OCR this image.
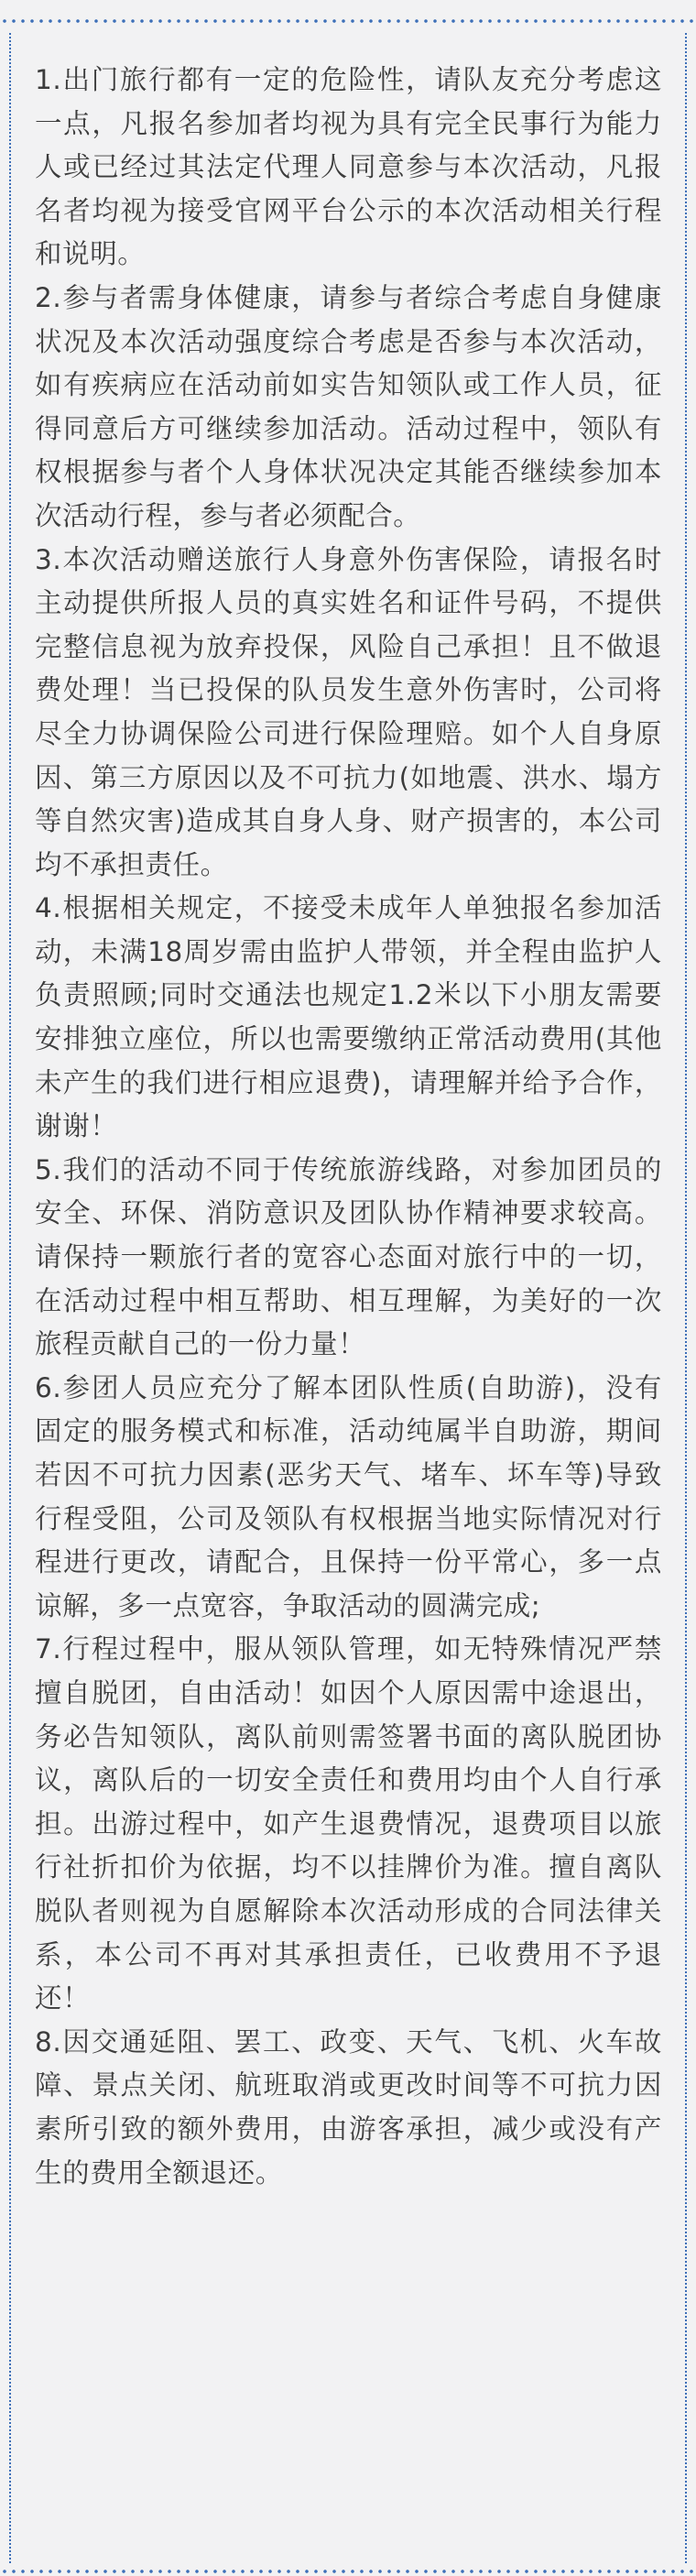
1.出门旅行都有一定的危险性，请队友充分考虑这一点，凡报名参加者均视为具有完全民事行为能力人或已经过其法定代理人同意参与本次活动，凡报名者均视为接受官网平台公示的本次活动相关行程和说明。

2.参与者需身体健康，请参与者综合考虑自身健康状况及本次活动强度综合考虑是否参与本次活动，如有疾病应在活动前如实告知领队或工作人员，征得同意后方可继续参加活动。活动过程中，领队有权根据参与者个人身体状况决定其能否继续参加本次活动行程，参与者必须配合。

3.本次活动赠送旅行人身意外伤害保险，请报名时主动提供所报人员的真实姓名和证件号码，不提供完整信息视为放弃投保，风险自己承担！且不做退费处理！当已投保的队员发生意外伤害时，公司将尽全力协调保险公司进行保险理赔。如个人自身原因、第三方原因以及不可抗力(如地震、洪水、塌方等自然灾害)造成其自身人身、财产损害的，本公司均不承担责任。

4.根据相关规定，不接受未成年人单独报名参加活动，未满18周岁需由监护人带领，并全程由监护人负责照顾;同时交通法也规定1.2米以下小朋友需要安排独立座位，所以也需要缴纳正常活动费用(其他未产生的我们进行相应退费)，请理解并给予合作，谢谢！

5.我们的活动不同于传统旅游线路，对参加团员的安全、环保、消防意识及团队协作精神要求较高。请保持一颗旅行者的宽容心态面对旅行中的一切，在活动过程中相互帮助、相互理解，为美好的一次旅程贡献自己的一份力量！

6.参团人员应充分了解本团队性质(自助游)，没有固定的服务模式和标准，活动纯属半自助游，期间若因不可抗力因素(恶劣天气、堵车、坏车等)导致行程受阻，公司及领队有权根据当地实际情况对行程进行更改，请配合，且保持一份平常心，多一点谅解，多一点宽容，争取活动的圆满完成;

7.行程过程中，服从领队管理，如无特殊情况严禁擅自脱团，自由活动！如因个人原因需中途退出，务必告知领队，离队前则需签署书面的离队脱团协议，离队后的一切安全责任和费用均由个人自行承担。出游过程中，如产生退费情况，退费项目以旅行社折扣价为依据，均不以挂牌价为准。擅自离队脱队者则视为自愿解除本次活动形成的合同法律关系，本公司不再对其承担责任，已收费用不予退还！

8.因交通延阻、罢工、政变、天气、飞机、火车故障、景点关闭、航班取消或更改时间等不可抗力因素所引致的额外费用，由游客承担，减少或没有产生的费用全额退还。
